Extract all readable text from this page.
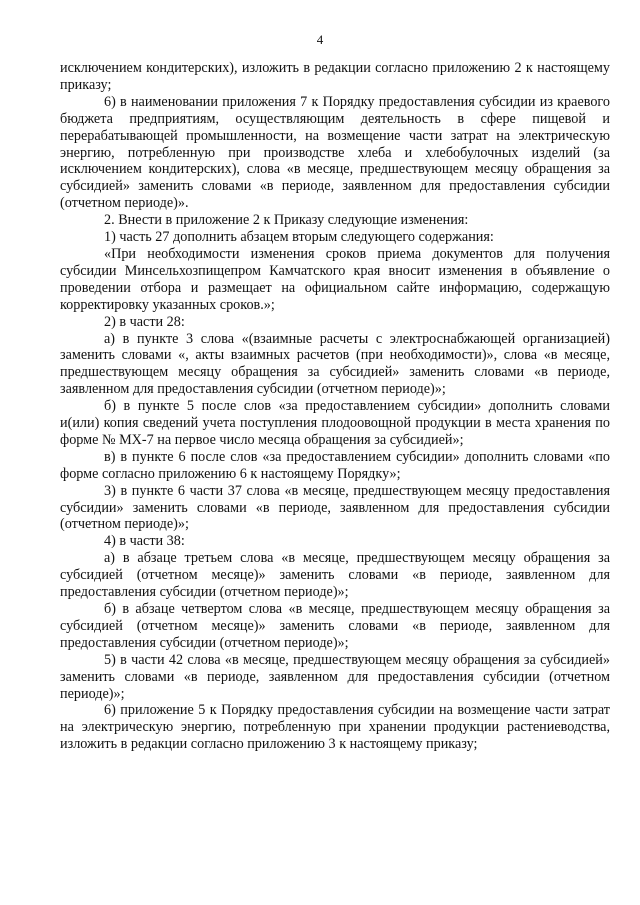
4

исключением кондитерских), изложить в редакции согласно приложению 2 к настоящему приказу;

6) в наименовании приложения 7 к Порядку предоставления субсидии из краевого бюджета предприятиям, осуществляющим деятельность в сфере пищевой и перерабатывающей промышленности, на возмещение части затрат на электрическую энергию, потребленную при производстве хлеба и хлебобулочных изделий (за исключением кондитерских), слова «в месяце, предшествующем месяцу обращения за субсидией» заменить словами «в периоде, заявленном для предоставления субсидии (отчетном периоде)».

2. Внести в приложение 2 к Приказу следующие изменения:

1) часть 27 дополнить абзацем вторым следующего содержания:

«При необходимости изменения сроков приема документов для получения субсидии Минсельхозпищепром Камчатского края вносит изменения в объявление о проведении отбора и размещает на официальном сайте информацию, содержащую корректировку указанных сроков.»;

2) в части 28:

а) в пункте 3 слова «(взаимные расчеты с электроснабжающей организацией) заменить словами «, акты взаимных расчетов (при необходимости)», слова «в месяце, предшествующем месяцу обращения за субсидией» заменить словами «в периоде, заявленном для предоставления субсидии (отчетном периоде)»;

б) в пункте 5 после слов «за предоставлением субсидии» дополнить словами и(или) копия сведений учета поступления плодоовощной продукции в места хранения по форме № МХ-7 на первое число месяца обращения за субсидией»;

в) в пункте 6 после слов «за предоставлением субсидии» дополнить словами «по форме согласно приложению 6 к настоящему Порядку»;

3) в пункте 6 части 37 слова «в месяце, предшествующем месяцу предоставления субсидии» заменить словами «в периоде, заявленном для предоставления субсидии (отчетном периоде)»;

4) в части 38:

а) в абзаце третьем слова «в месяце, предшествующем месяцу обращения за субсидией (отчетном месяце)» заменить словами «в периоде, заявленном для предоставления субсидии (отчетном периоде)»;

б) в абзаце четвертом слова «в месяце, предшествующем месяцу обращения за субсидией (отчетном месяце)» заменить словами «в периоде, заявленном для предоставления субсидии (отчетном периоде)»;

5) в части 42 слова «в месяце, предшествующем месяцу обращения за субсидией» заменить словами «в периоде, заявленном для предоставления субсидии (отчетном периоде)»;

6) приложение 5 к Порядку предоставления субсидии на возмещение части затрат на электрическую энергию, потребленную при хранении продукции растениеводства, изложить в редакции согласно приложению 3 к настоящему приказу;
